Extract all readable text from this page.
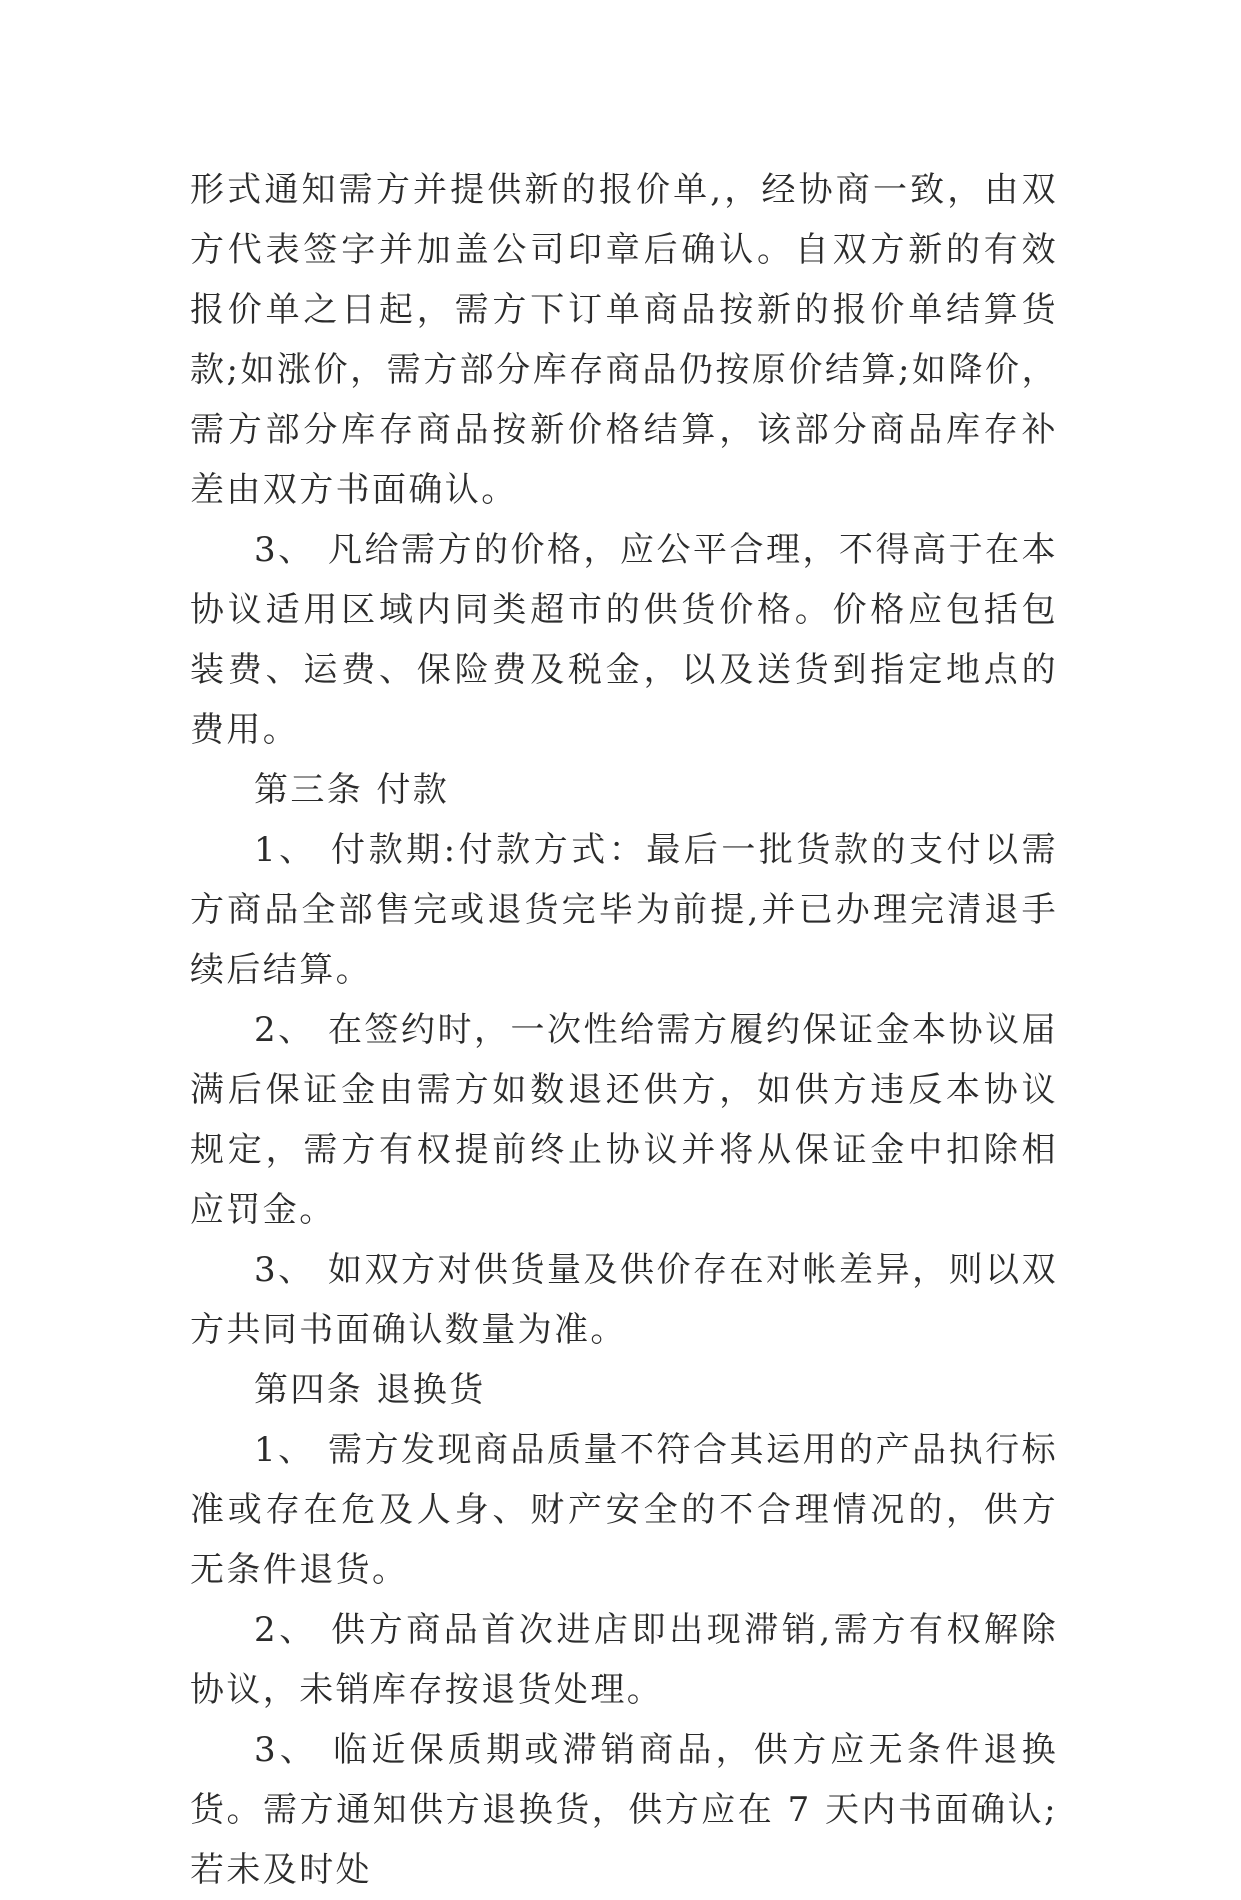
形式通知需方并提供新的报价单,，经协商一致，由双方代表签字并加盖公司印章后确认。自双方新的有效报价单之日起，需方下订单商品按新的报价单结算货款;如涨价，需方部分库存商品仍按原价结算;如降价，需方部分库存商品按新价格结算，该部分商品库存补差由双方书面确认。

3、 凡给需方的价格，应公平合理，不得高于在本协议适用区域内同类超市的供货价格。价格应包括包装费、运费、保险费及税金，以及送货到指定地点的费用。

第三条 付款

1、 付款期:付款方式：最后一批货款的支付以需方商品全部售完或退货完毕为前提,并已办理完清退手续后结算。

2、 在签约时，一次性给需方履约保证金本协议届满后保证金由需方如数退还供方，如供方违反本协议规定，需方有权提前终止协议并将从保证金中扣除相应罚金。

3、 如双方对供货量及供价存在对帐差异，则以双方共同书面确认数量为准。

第四条 退换货

1、 需方发现商品质量不符合其运用的产品执行标准或存在危及人身、财产安全的不合理情况的，供方无条件退货。

2、 供方商品首次进店即出现滞销,需方有权解除协议，未销库存按退货处理。

3、 临近保质期或滞销商品，供方应无条件退换货。需方通知供方退换货，供方应在 7 天内书面确认;若未及时处
